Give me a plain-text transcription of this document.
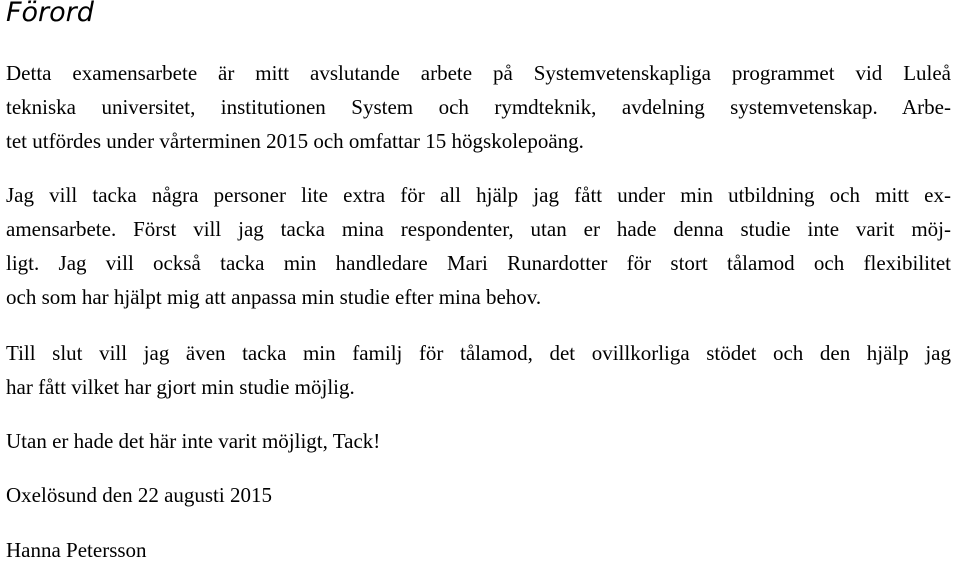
Förord

Detta examensarbete är mitt avslutande arbete på Systemvetenskapliga programmet vid Luleå

tekniska universitet, institutionen System och rymdteknik, avdelning systemvetenskap. Arbe-

tet utfördes under vårterminen 2015 och omfattar 15 högskolepoäng.

Jag vill tacka några personer lite extra för all hjälp jag fått under min utbildning och mitt ex-

amensarbete. Först vill jag tacka mina respondenter, utan er hade denna studie inte varit möj-

ligt. Jag vill också tacka min handledare Mari Runardotter för stort tålamod och flexibilitet

och som har hjälpt mig att anpassa min studie efter mina behov.

Till slut vill jag även tacka min familj för tålamod, det ovillkorliga stödet och den hjälp jag

har fått vilket har gjort min studie möjlig.

Utan er hade det här inte varit möjligt, Tack!

Oxelösund den 22 augusti 2015

Hanna Petersson
